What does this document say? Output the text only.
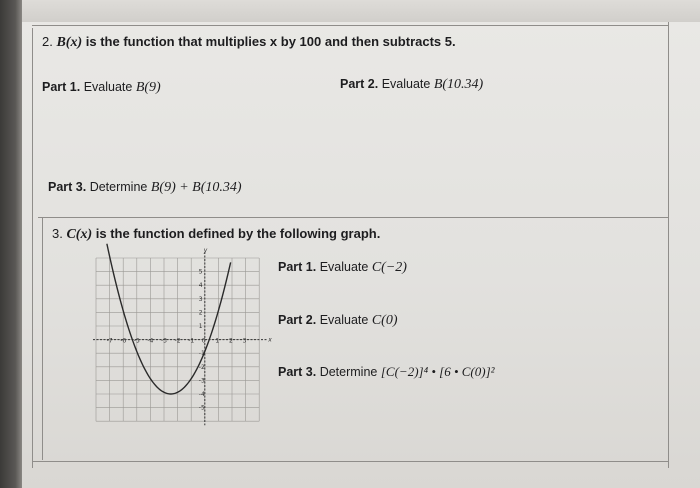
2. B(x) is the function that multiplies x by 100 and then subtracts 5.
Part 1. Evaluate B(9)	Part 2. Evaluate B(10.34)
Part 3. Determine B(9) + B(10.34)
3. C(x) is the function defined by the following graph.
Part 1. Evaluate C(−2)
Part 2. Evaluate C(0)
Part 3. Determine [C(−2)]⁴ • [6 • C(0)]²
x
y
-7 -6 -5 -4 -3 -2 -1 0 1 2 3
5
4
3
2
1
-1
-2
-3
-4
-5
